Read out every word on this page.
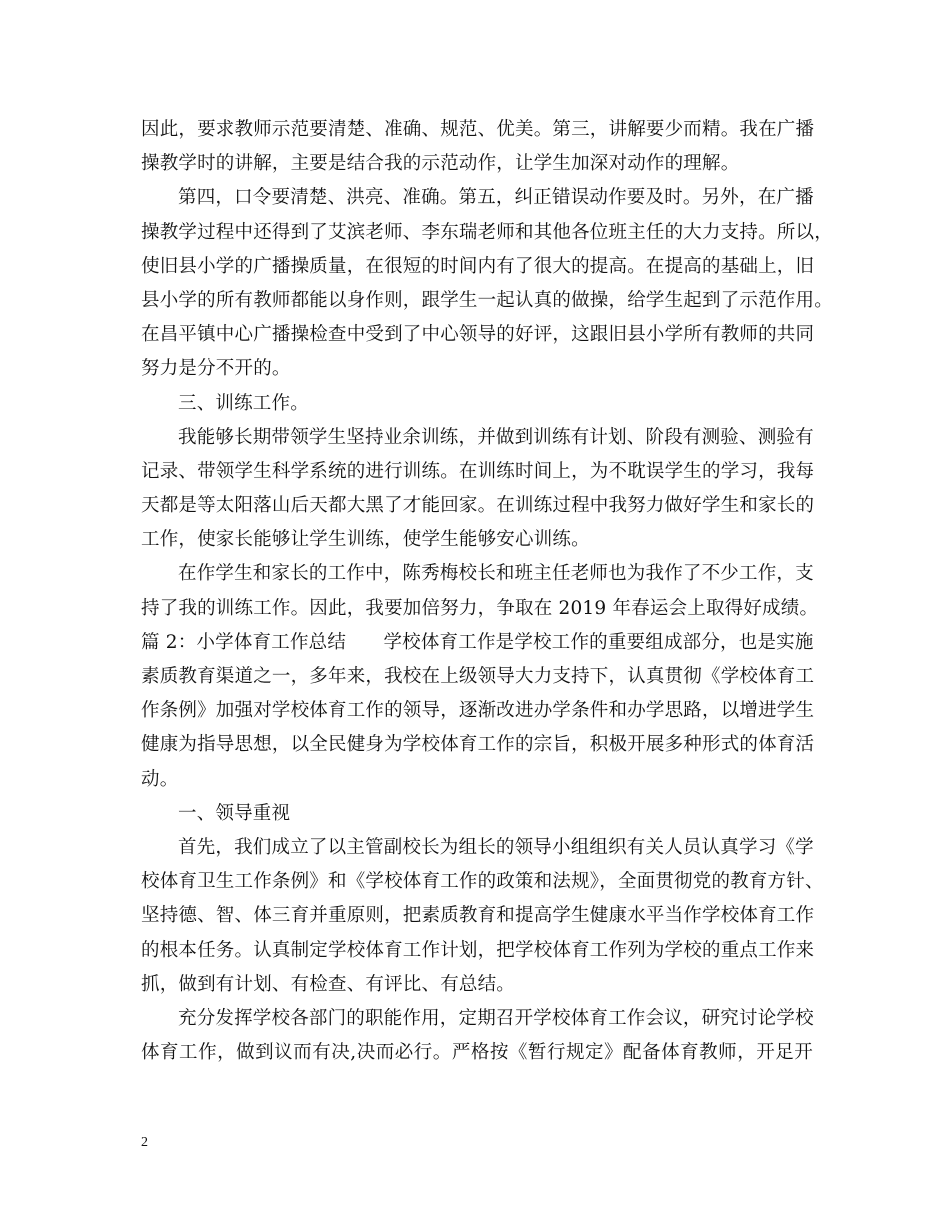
因此，要求教师示范要清楚、准确、规范、优美。第三，讲解要少而精。我在广播
操教学时的讲解，主要是结合我的示范动作，让学生加深对动作的理解。
第四，口令要清楚、洪亮、准确。第五，纠正错误动作要及时。另外，在广播
操教学过程中还得到了艾滨老师、李东瑞老师和其他各位班主任的大力支持。所以，
使旧县小学的广播操质量，在很短的时间内有了很大的提高。在提高的基础上，旧
县小学的所有教师都能以身作则，跟学生一起认真的做操，给学生起到了示范作用。
在昌平镇中心广播操检查中受到了中心领导的好评，这跟旧县小学所有教师的共同
努力是分不开的。
三、训练工作。
我能够长期带领学生坚持业余训练，并做到训练有计划、阶段有测验、测验有
记录、带领学生科学系统的进行训练。在训练时间上，为不耽误学生的学习，我每
天都是等太阳落山后天都大黑了才能回家。在训练过程中我努力做好学生和家长的
工作，使家长能够让学生训练，使学生能够安心训练。
在作学生和家长的工作中，陈秀梅校长和班主任老师也为我作了不少工作，支
持了我的训练工作。因此，我要加倍努力，争取在 2019 年春运会上取得好成绩。
篇 2：小学体育工作总结　　学校体育工作是学校工作的重要组成部分，也是实施
素质教育渠道之一，多年来，我校在上级领导大力支持下，认真贯彻《学校体育工
作条例》加强对学校体育工作的领导，逐渐改进办学条件和办学思路，以增进学生
健康为指导思想，以全民健身为学校体育工作的宗旨，积极开展多种形式的体育活
动。
一、领导重视
首先，我们成立了以主管副校长为组长的领导小组组织有关人员认真学习《学
校体育卫生工作条例》和《学校体育工作的政策和法规》，全面贯彻党的教育方针、
坚持德、智、体三育并重原则，把素质教育和提高学生健康水平当作学校体育工作
的根本任务。认真制定学校体育工作计划，把学校体育工作列为学校的重点工作来
抓，做到有计划、有检查、有评比、有总结。
充分发挥学校各部门的职能作用，定期召开学校体育工作会议，研究讨论学校
体育工作，做到议而有决,决而必行。严格按《暂行规定》配备体育教师，开足开
2
